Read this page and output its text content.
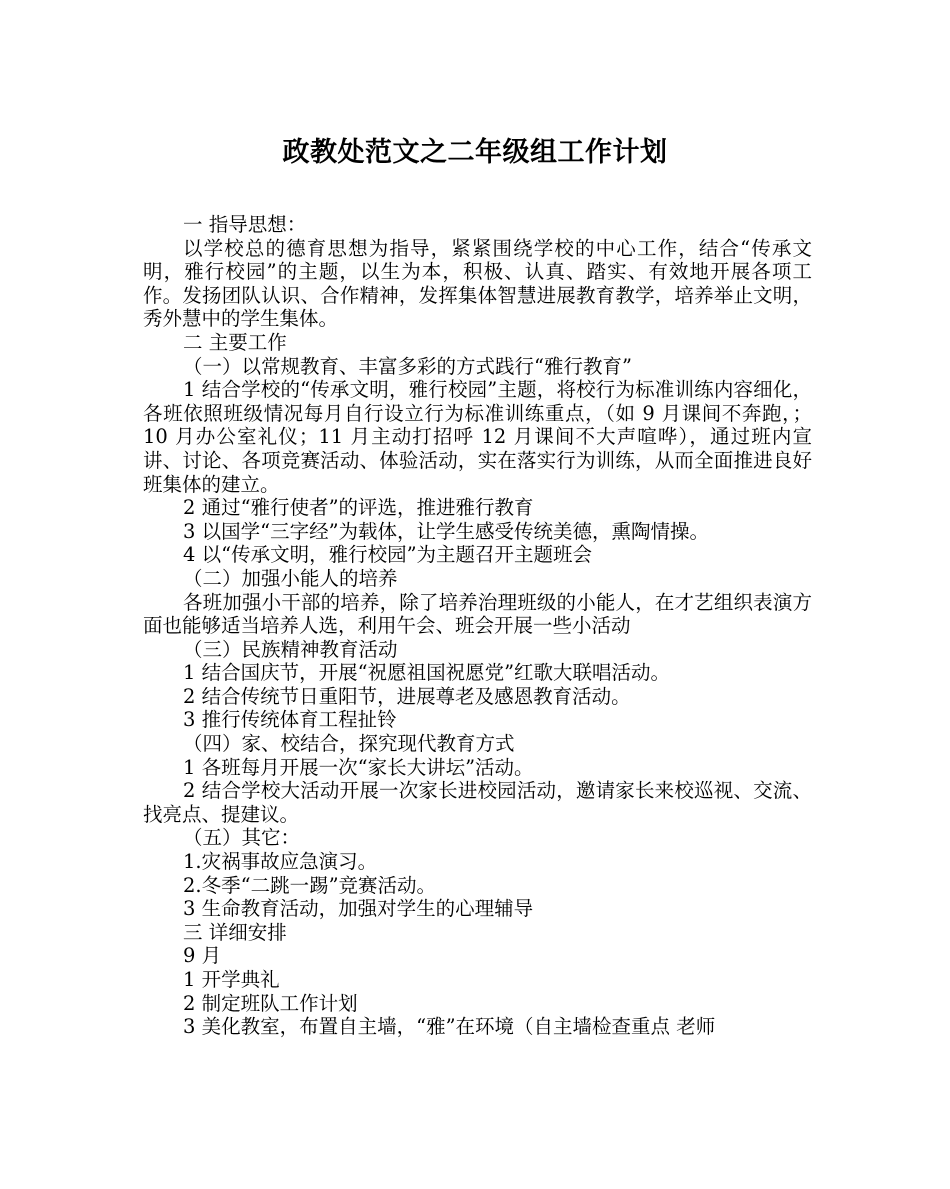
政教处范文之二年级组工作计划

一 指导思想：

以学校总的德育思想为指导，紧紧围绕学校的中心工作，结合“传承文明，雅行校园”的主题，以生为本，积极、认真、踏实、有效地开展各项工作。发扬团队认识、合作精神，发挥集体智慧进展教育教学，培养举止文明，秀外慧中的学生集体。

二 主要工作

（一）以常规教育、丰富多彩的方式践行“雅行教育”

1 结合学校的“传承文明，雅行校园”主题，将校行为标准训练内容细化，各班依照班级情况每月自行设立行为标准训练重点，（如 9 月课间不奔跑，；10 月办公室礼仪；11 月主动打招呼 12 月课间不大声喧哗），通过班内宣讲、讨论、各项竞赛活动、体验活动，实在落实行为训练，从而全面推进良好班集体的建立。

2 通过“雅行使者”的评选，推进雅行教育

3 以国学“三字经”为载体，让学生感受传统美德，熏陶情操。

4 以“传承文明，雅行校园”为主题召开主题班会

（二）加强小能人的培养

各班加强小干部的培养，除了培养治理班级的小能人，在才艺组织表演方面也能够适当培养人选，利用午会、班会开展一些小活动

（三）民族精神教育活动

1 结合国庆节，开展“祝愿祖国祝愿党”红歌大联唱活动。

2 结合传统节日重阳节，进展尊老及感恩教育活动。

3 推行传统体育工程扯铃

（四）家、校结合，探究现代教育方式

1 各班每月开展一次“家长大讲坛”活动。

2 结合学校大活动开展一次家长进校园活动，邀请家长来校巡视、交流、找亮点、提建议。

（五）其它：

1.灾祸事故应急演习。

2.冬季“二跳一踢”竞赛活动。

3 生命教育活动，加强对学生的心理辅导

三 详细安排

9 月

1 开学典礼

2 制定班队工作计划

3 美化教室，布置自主墙，“雅”在环境（自主墙检查重点 老师
